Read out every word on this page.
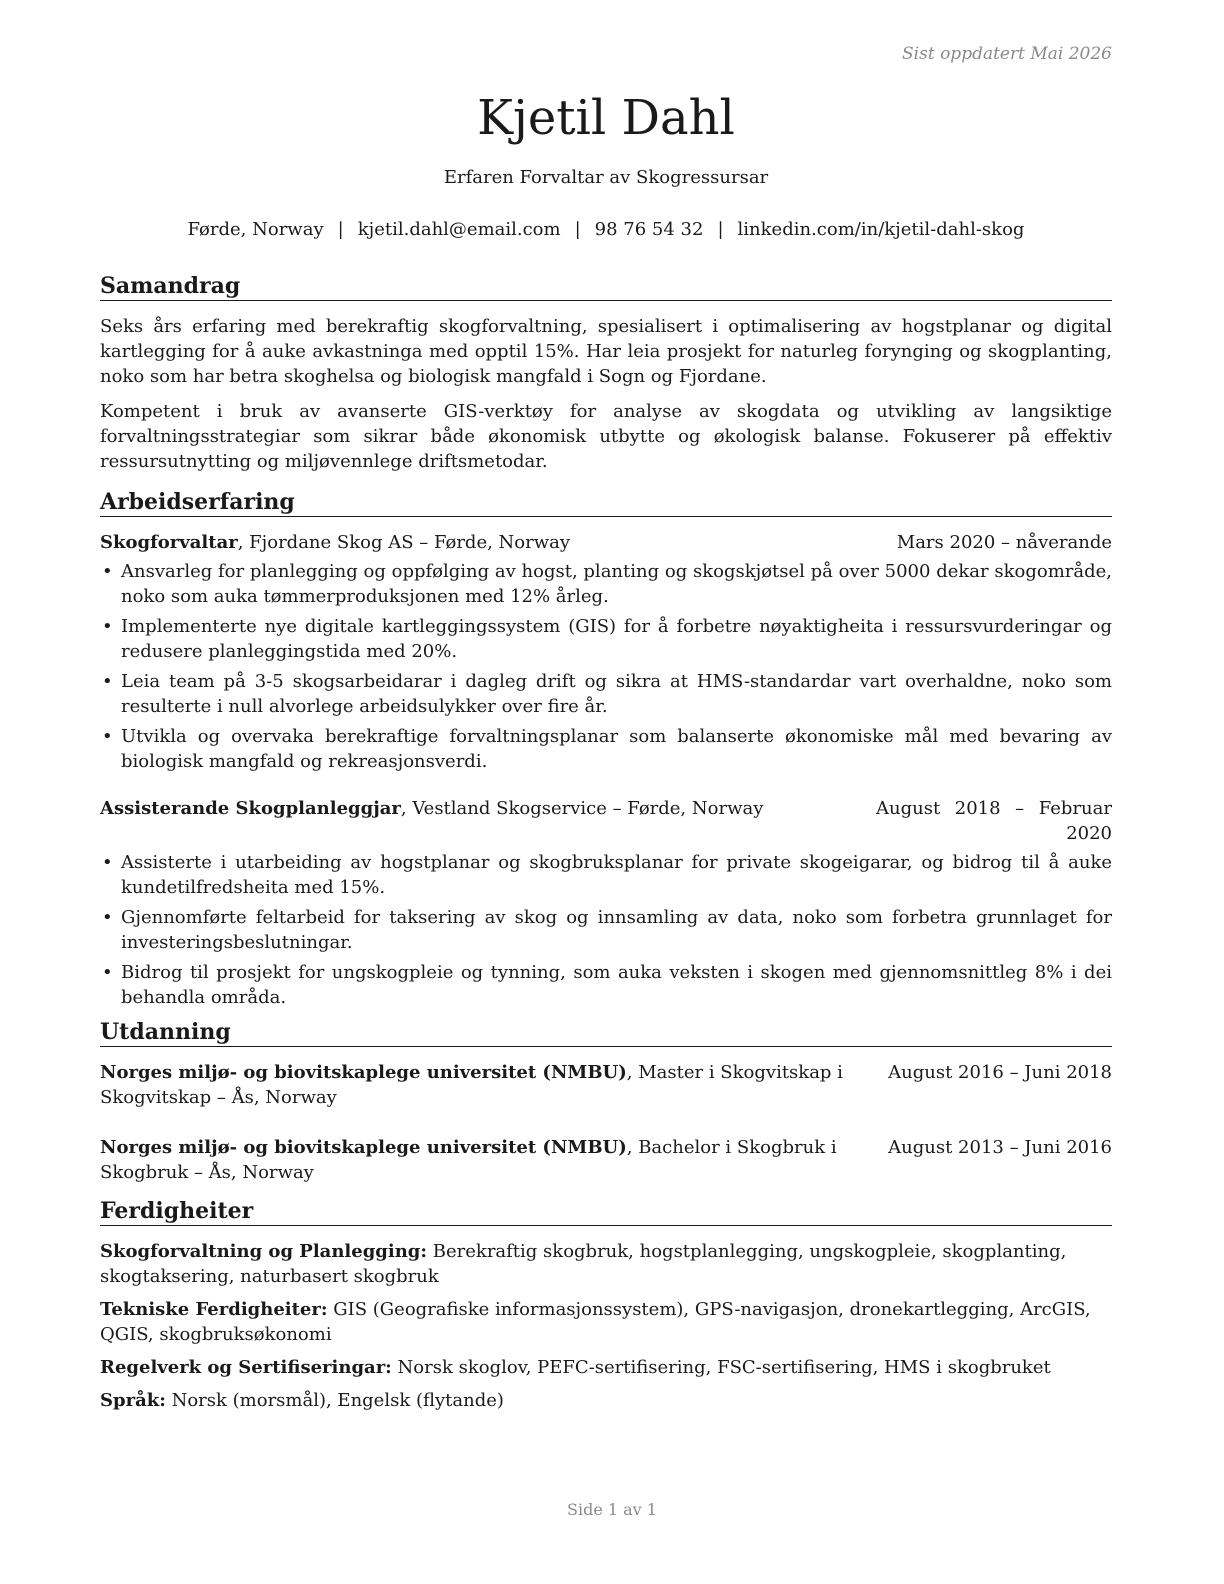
Sist oppdatert Mai 2026
Kjetil Dahl
Erfaren Forvaltar av Skogressursar
Førde, Norway | kjetil.dahl@email.com | 98 76 54 32 | linkedin.com/in/kjetil-dahl-skog
Samandrag

Seks års erfaring med berekraftig skogforvaltning, spesialisert i optimalisering av hogstplanar og digital kartlegging for å auke avkastninga med opptil 15%. Har leia prosjekt for naturleg forynging og skogplanting, noko som har betra skoghelsa og biologisk mangfald i Sogn og Fjordane.

Kompetent i bruk av avanserte GIS-verktøy for analyse av skogdata og utvikling av langsiktige forvaltningsstrategiar som sikrar både økonomisk utbytte og økologisk balanse. Fokuserer på effektiv ressursutnytting og miljøvennlege driftsmetodar.

Arbeidserfaring
Skogforvaltar, Fjordane Skog AS – Førde, Norway	Mars 2020 – nåverande
• Ansvarleg for planlegging og oppfølging av hogst, planting og skogskjøtsel på over 5000 dekar skogområde, noko som auka tømmerproduksjonen med 12% årleg.
• Implementerte nye digitale kartleggingssystem (GIS) for å forbetre nøyaktigheita i ressursvurderingar og redusere planleggingstida med 20%.
• Leia team på 3-5 skogsarbeidarar i dagleg drift og sikra at HMS-standardar vart overhaldne, noko som resulterte i null alvorlege arbeidsulykker over fire år.
• Utvikla og overvaka berekraftige forvaltningsplanar som balanserte økonomiske mål med bevaring av biologisk mangfald og rekreasjonsverdi.
Assisterande Skogplanleggjar, Vestland Skogservice – Førde, Norway	August 2018 – Februar 2020
• Assisterte i utarbeiding av hogstplanar og skogbruksplanar for private skogeigarar, og bidrog til å auke kundetilfredsheita med 15%.
• Gjennomførte feltarbeid for taksering av skog og innsamling av data, noko som forbetra grunnlaget for investeringsbeslutningar.
• Bidrog til prosjekt for ungskogpleie og tynning, som auka veksten i skogen med gjennomsnittleg 8% i dei behandla områda.
Utdanning
Norges miljø- og biovitskaplege universitet (NMBU), Master i Skogvitskap i Skogvitskap – Ås, Norway
August 2016 – Juni 2018
Norges miljø- og biovitskaplege universitet (NMBU), Bachelor i Skogbruk i Skogbruk – Ås, Norway
August 2013 – Juni 2016
Ferdigheiter
Skogforvaltning og Planlegging: Berekraftig skogbruk, hogstplanlegging, ungskogpleie, skogplanting, skogtaksering, naturbasert skogbruk
Tekniske Ferdigheiter: GIS (Geografiske informasjonssystem), GPS-navigasjon, dronekartlegging, ArcGIS, QGIS, skogbruksøkonomi
Regelverk og Sertifiseringar: Norsk skoglov, PEFC-sertifisering, FSC-sertifisering, HMS i skogbruket
Språk: Norsk (morsmål), Engelsk (flytande)
Side 1 av 1
